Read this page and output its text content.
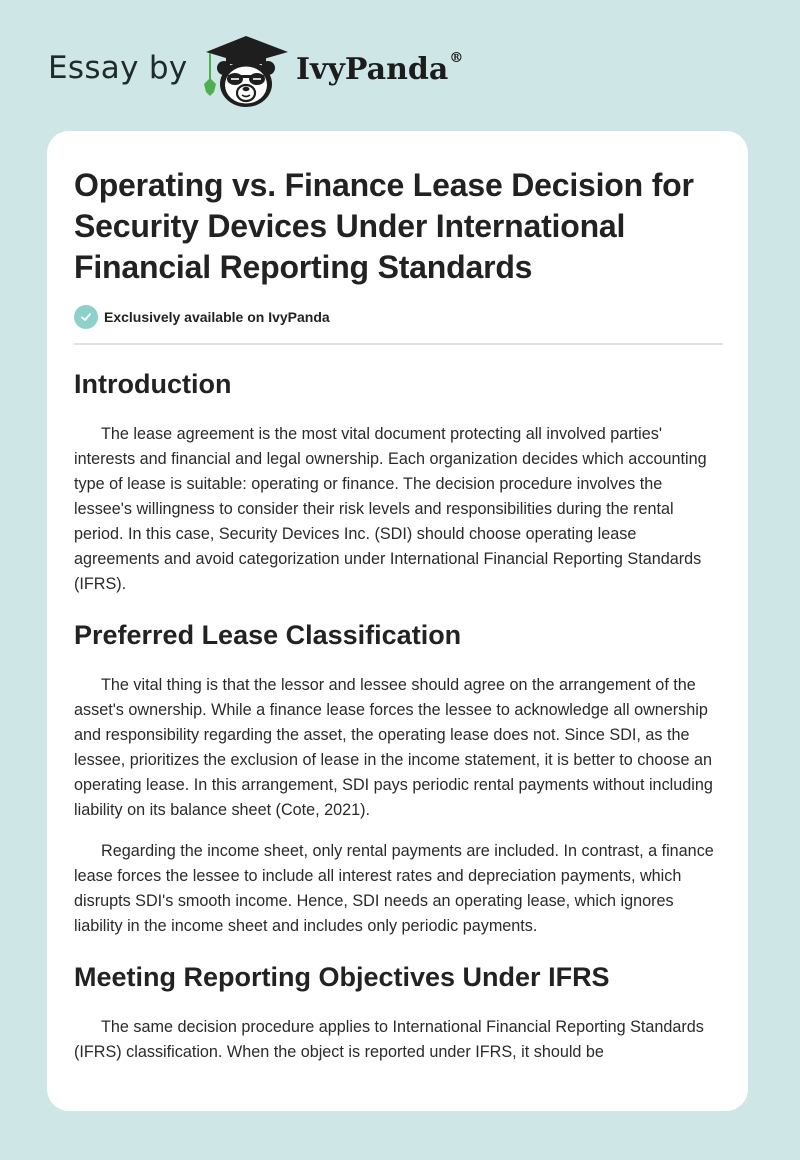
Essay by	IvyPanda®
Operating vs. Finance Lease Decision for Security Devices Under International Financial Reporting Standards
Exclusively available on IvyPanda
Introduction

The lease agreement is the most vital document protecting all involved parties' interests and financial and legal ownership. Each organization decides which accounting type of lease is suitable: operating or finance. The decision procedure involves the lessee's willingness to consider their risk levels and responsibilities during the rental period. In this case, Security Devices Inc. (SDI) should choose operating lease agreements and avoid categorization under International Financial Reporting Standards (IFRS).

Preferred Lease Classification

The vital thing is that the lessor and lessee should agree on the arrangement of the asset's ownership. While a finance lease forces the lessee to acknowledge all ownership and responsibility regarding the asset, the operating lease does not. Since SDI, as the lessee, prioritizes the exclusion of lease in the income statement, it is better to choose an operating lease. In this arrangement, SDI pays periodic rental payments without including liability on its balance sheet (Cote, 2021).

Regarding the income sheet, only rental payments are included. In contrast, a finance lease forces the lessee to include all interest rates and depreciation payments, which disrupts SDI's smooth income. Hence, SDI needs an operating lease, which ignores liability in the income sheet and includes only periodic payments.

Meeting Reporting Objectives Under IFRS

The same decision procedure applies to International Financial Reporting Standards (IFRS) classification. When the object is reported under IFRS, it should be
